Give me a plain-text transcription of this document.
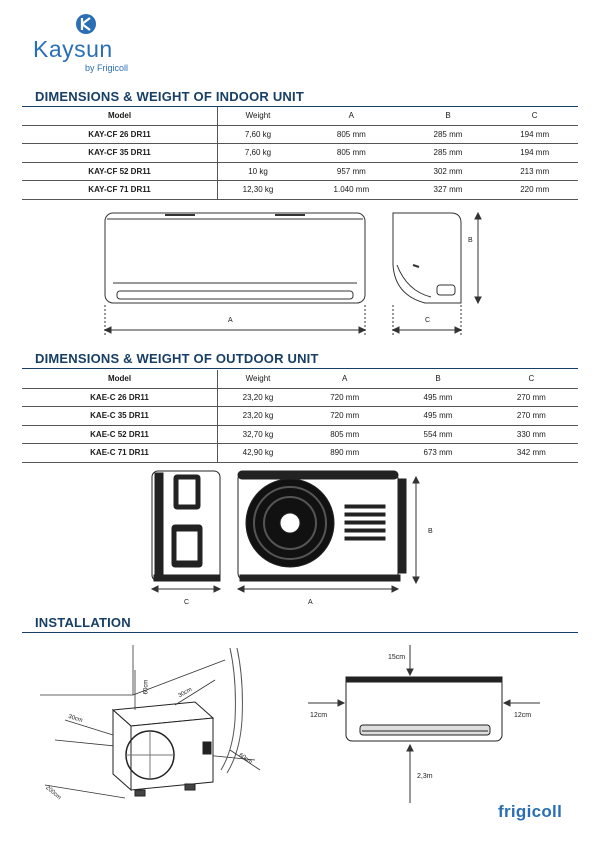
Kaysun
by Frigicoll
DIMENSIONS & WEIGHT OF INDOOR UNIT
Model	Weight	A	B	C
KAY-CF 26 DR11	7,60 kg	805 mm	285 mm	194 mm
KAY-CF 35 DR11	7,60 kg	805 mm	285 mm	194 mm
KAY-CF 52 DR11	10 kg	957 mm	302 mm	213 mm
KAY-CF 71 DR11	12,30 kg	1.040 mm	327 mm	220 mm
A
B
C
DIMENSIONS & WEIGHT OF OUTDOOR UNIT
Model	Weight	A	B	C
KAE-C 26 DR11	23,20 kg	720 mm	495 mm	270 mm
KAE-C 35 DR11	23,20 kg	720 mm	495 mm	270 mm
KAE-C 52 DR11	32,70 kg	805 mm	554 mm	330 mm
KAE-C 71 DR11	42,90 kg	890 mm	673 mm	342 mm
C	A
B
INSTALLATION
60cm	30cm
30cm
200cm
60cm
15cm
12cm	12cm
2,3m
frigicoll
